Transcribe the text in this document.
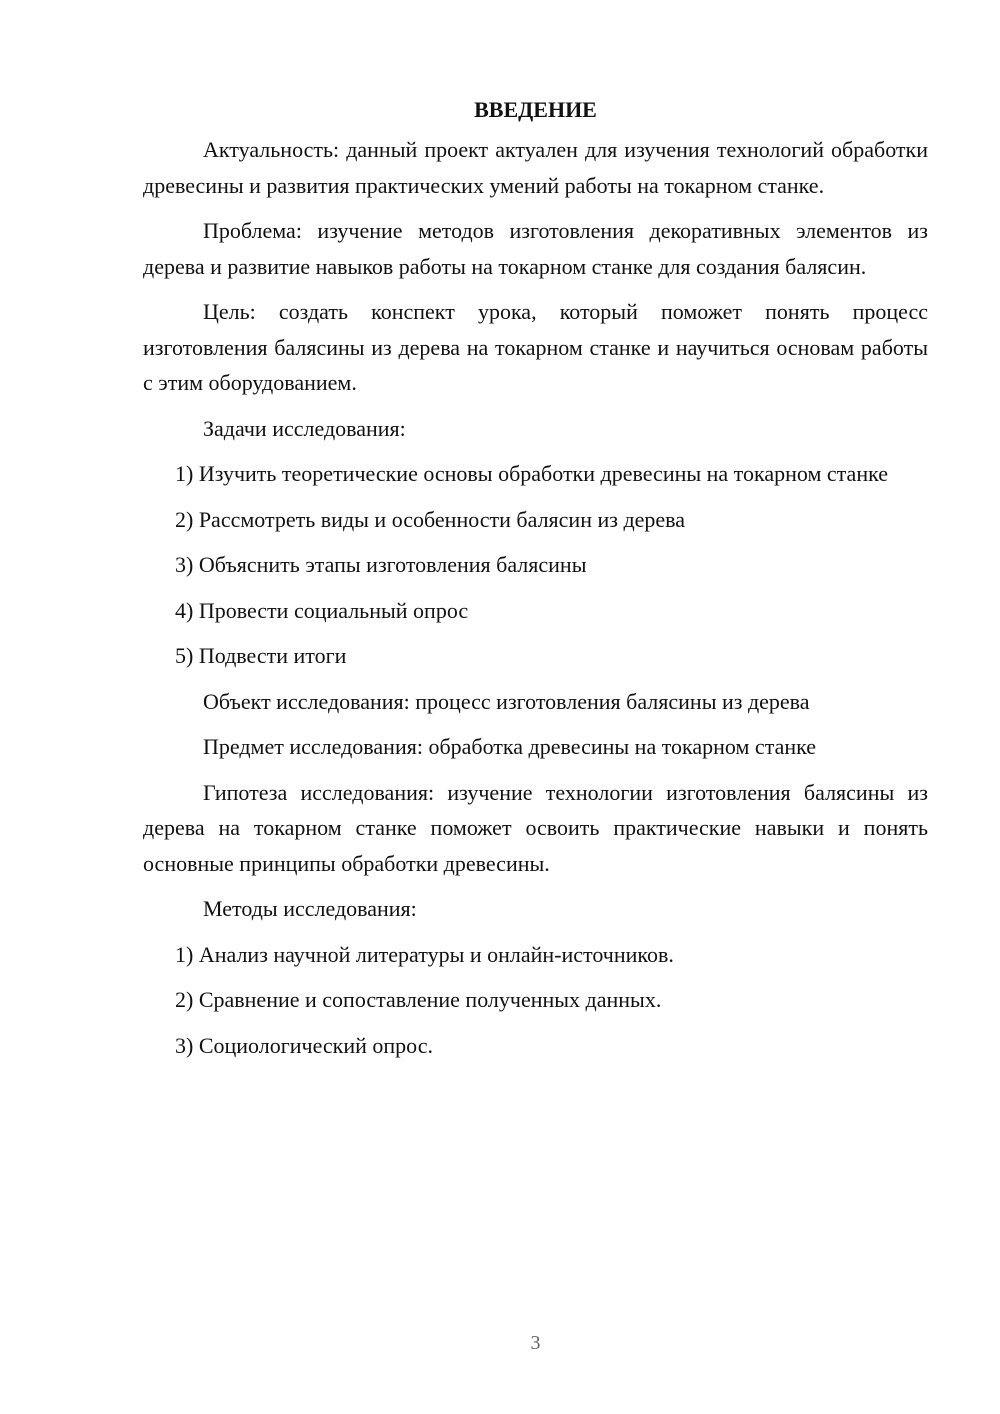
ВВЕДЕНИЕ

Актуальность: данный проект актуален для изучения технологий обработки древесины и развития практических умений работы на токарном станке.

Проблема: изучение методов изготовления декоративных элементов из дерева и развитие навыков работы на токарном станке для создания балясин.

Цель: создать конспект урока, который поможет понять процесс изготовления балясины из дерева на токарном станке и научиться основам работы с этим оборудованием.

Задачи исследования:

1) Изучить теоретические основы обработки древесины на токарном станке

2) Рассмотреть виды и особенности балясин из дерева

3) Объяснить этапы изготовления балясины

4) Провести социальный опрос

5) Подвести итоги

Объект исследования: процесс изготовления балясины из дерева

Предмет исследования: обработка древесины на токарном станке

Гипотеза исследования: изучение технологии изготовления балясины из дерева на токарном станке поможет освоить практические навыки и понять основные принципы обработки древесины.

Методы исследования:

1) Анализ научной литературы и онлайн-источников.

2) Сравнение и сопоставление полученных данных.

3) Социологический опрос.

3
